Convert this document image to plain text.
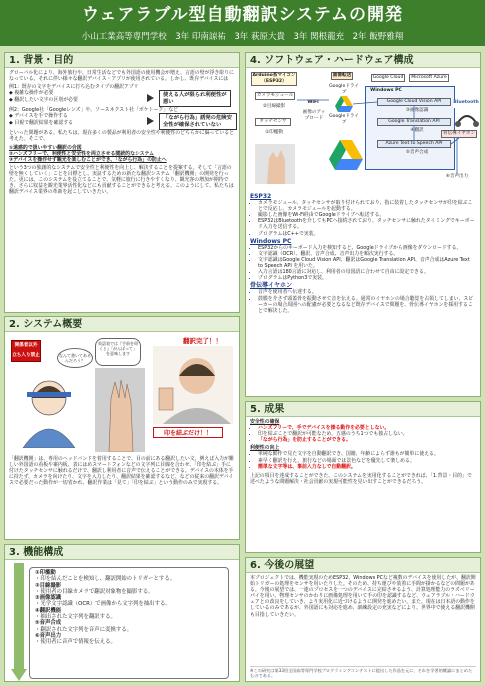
ウェアラブル型自動翻訳システムの開発
小山工業高等専門学校　3年 印南諒祐　3年 萩原大貴　3年 関根龍充　2年 飯野雅翔
1. 背景・目的
グローバル化により、海外旅行や、日常生活などでも外国語の使用機会が増え、言語の壁が浮き彫りになっている。それに伴い様々な翻訳デバイス・アプリが使用されている。しかし、既存デバイスには
例1：既存の文字をデバイスに打ち込むタイプの翻訳アプリ
◆ 複雑な操作が必要
◆ 翻訳したい文字の区別が必要
使える人が限られ利便性が悪い
例2：Google社「Googleレンズ」や、ソースネクスト社「ポケトーク」など
◆ デバイスを手で操作する
◆ 目視で翻訳結果を確認する
「ながら行為」誘発の危険安全性が確保されていない
といった問題がある。私たちは、現在多くの製品が利用者の安全性や利便性のどちらかに偏っていると考えた。そこで、
①遠感的で扱いやすい翻訳の合図
②ハンズフリーで、利便性と安全性を両立させる閲読的なシステム
③デバイスを操作せず観光を楽しむことができ、「ながら行為」の防止へ
という3つの独創的なシステムで安全性と利便性を向上し、解決することを提案する。そして「言語の壁を無くしていく」ことを目標とし、実証するための新たな翻訳システム「翻訳機開」の開発を行った。更には、このシステムを役立てることで、気軽に旅行に行きやすくなり、観光客の増加が期待でき、さらに収益を観光業界活性化などにも貢献することができると考える。このようにして、私たちは翻訳デバイス業界の革新を起こしていきたい。
2. システム概要
関係者以外
立ち入り禁止	なんて書いてあるんだろう？
英語表では『手前を叩くと』「がんばって」を意味します
翻訳完了！！
印を結ぶだけ！！
「翻訳機開」は、専用のヘッドバンドを着用することで、目の前にある翻訳したい文、例えば入力が難しい外国語の看板や案内板、表にはめスマートフォンなどの文字列に目線を合わせ、「印を結ぶ」手に付けたタッチセンサに触れるだけで、翻訳し利用者に音声で伝えることができる。デバイスの本体を手に持たず、カメラを向けたり、文字を入力したり、翻訳結果を確認するなど、などの従来の翻訳デバイスで必要だった動作が一切省かれ、翻訳作業は「見て」「印を結ぶ」という動作のみで実現する。
3. 機能構成
①印檻動
・印を結んだことを検知し、翻訳開始のトリガーとする。
②目線撮影
・使用者の目線カメラで翻訳対象物を撮影する。
③画像認識
・光学文字認識（OCR）で画像から文字列を抽出する。
④翻訳機能
・抽出された文字列を翻訳する。
⑤音声合成
・翻訳された文字列を音声に変換する。
⑥音声出力
・使用者に音声で情報を伝える。
4. ソフトウェア・ハードウェア構成
Arduino系マイコン（ESP32）
カメラモジュール
②目線撮影
タッチセンサ
①印檻動
WiFi
画像のアップロード
画像転送
Googleドライブ
Googleドライブ
Google Cloud	Microsoft Azure
Windows PC
Google Cloud Vision API
③画像認識
Google Translation API
④翻訳
Azure Text to Speech API
⑤音声合成
Bluetooth
骨伝導イヤホン
⑥音声出力
ESP32
• カメラモジュール、タッチセンサが取り付けられており、指に装着したタッチセンサが印を結ぶことで反応し、カメラモジュールを起動する。
• 撮影した画像をWi-Fi経由でGoogleドライブへ転送する。
• ESP32はBluetoothを介してもPCへ接続されており、タッチセンサに触れたタイミングでキーボード入力を送信する。
• プログラムはC++で実装。
Windows PC
• ESP32からのキーボード入力を検知すると、Googleドライブから画像をダウンロードする。
• 文字認識（OCR）、翻訳、音声合成、音声出力を順次実行する。
• 文字認識はGoogle Cloud Vision API、翻訳はGoogle Translation API、音声合成はAzure Text to Speech API を用いた。
• 入力言語は180言語に対応し、利用者の母国語に合わせて自由に設定できる。
• プログラムはPython3で実装。
骨伝導イヤホン
• 音声を使用者へ伝達する。
• 鼓膜を介さず頭蓋骨を振動させて音を伝える。通常のイヤホンの場合聴覚を占領してしまい、スピーカーの場合周囲への配慮が必要となるなど既存デバイスで問題を、骨伝導イヤホンを採用することで解決した。
5. 成果
安全性の確保
• ハンズフリーで、手でデバイスを操る動作を必要としない。
• 印を結ぶことで翻訳が可能なため、五感のうち1つでも独占しない。
• 「ながら行為」を防止することができる。
利便性の向上
• 単純な動作で見た文字を自動翻訳でき、国籍、年齢によらず誰もが簡単に使える。
• 素早く翻訳を行え、旅行などの場面では景色などを優先して楽しめる。
• 簡単な文字等は、事前入力なしで自動翻訳。
上記の項目を達成することができた。このシステムを実用化することができれば、「1.背景・目的」で述べたような問題解決・社会貢献の実現可能性を見い出すことができるだろう。
6. 今後の展望
本プロジェクトでは、機能実現のためESP32、Windows PCなど複数のデバイスを使用したが、翻訳開始トリガーの処理をセンサを用いたりした。そのため、持ち運びや装着に手間が掛かるなどの問題がある。今後の展望では、一連のプロセスを一つのデバイスに完結させるよう、計算処理能力のラズベリーパイを用い、物理センサのかわりに画像処理を用いて手の印を認識するなど、ウェアラブル・ハードウェアとの改良をしていき、より実用化に近づけるように開発を進めたい。また、現在は日本語の動作をしているのみであるが、外国語にも対応を進め、訓練設定の充実などにより、世界中で使える翻訳機開も目指していきたい。
※この研究は第33回全国高等専門学校プログラミングコンテストに提出した作品を元に、それを学習的概論にまとめたものである。
